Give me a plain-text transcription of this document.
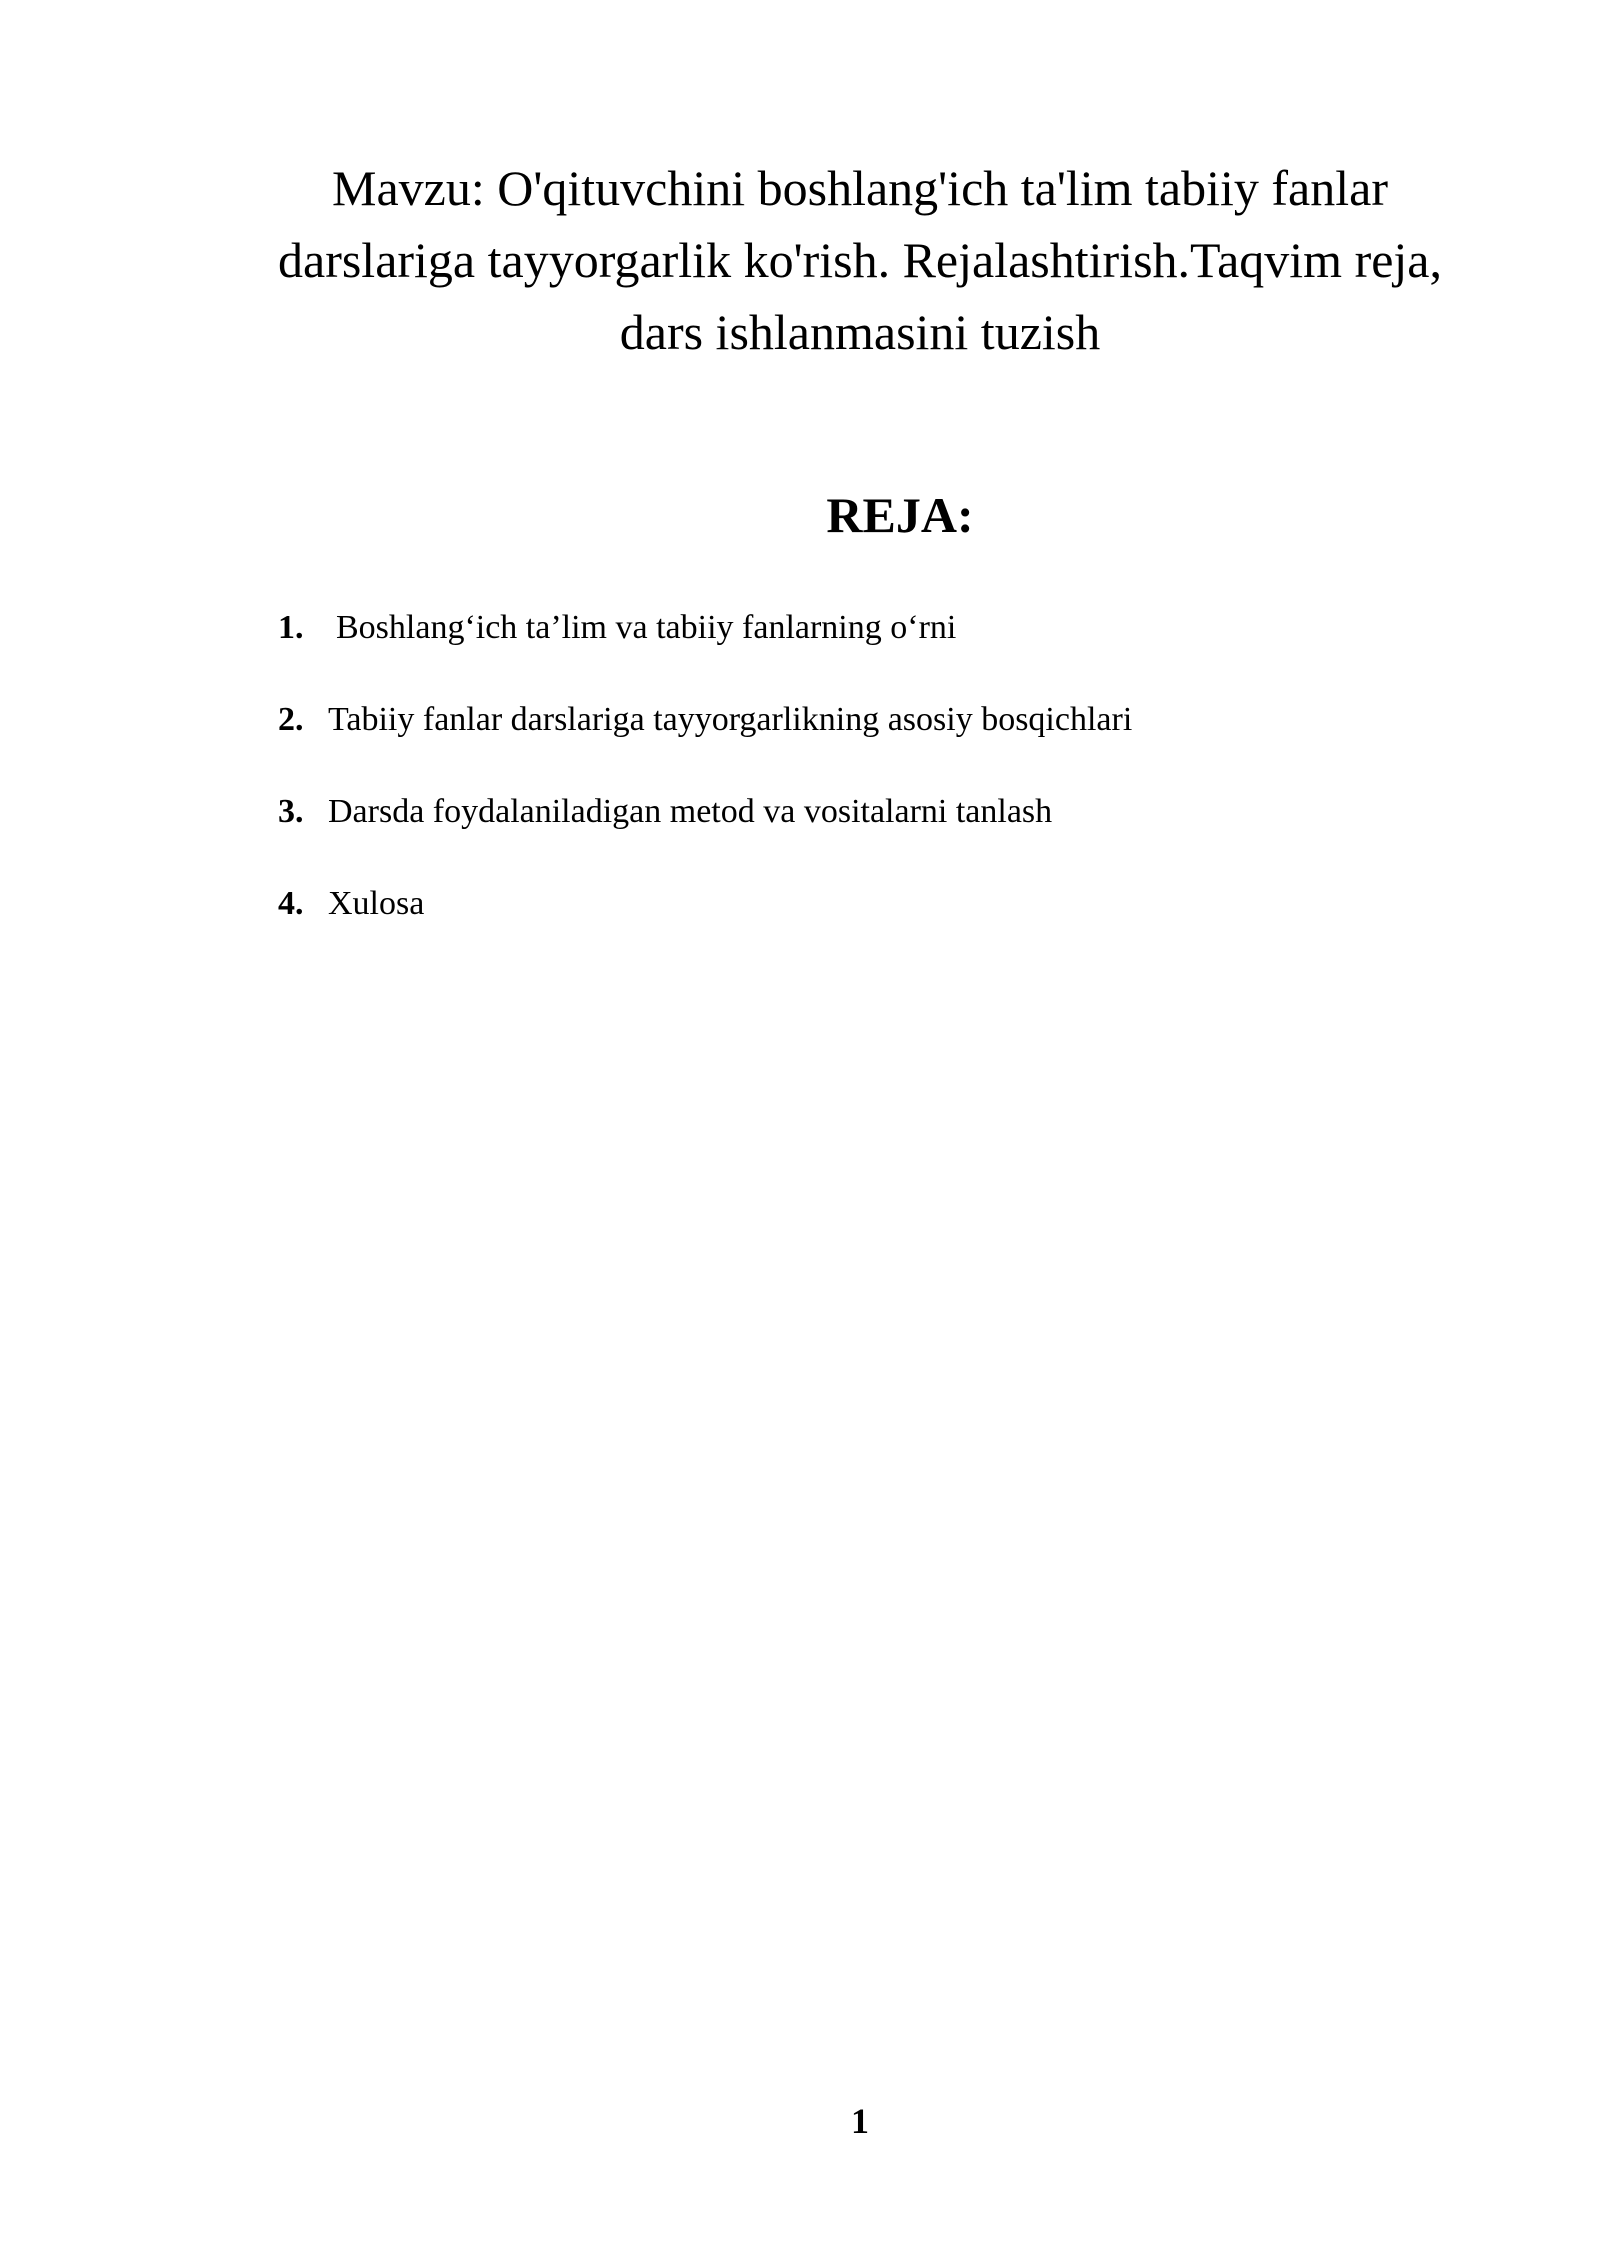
Mavzu: O'qituvchini boshlang'ich ta'lim tabiiy fanlar
darslariga tayyorgarlik ko'rish. Rejalashtirish.Taqvim reja,
dars ishlanmasini tuzish
REJA:
1. Boshlang‘ich ta’lim va tabiiy fanlarning o‘rni
2. Tabiiy fanlar darslariga tayyorgarlikning asosiy bosqichlari
3. Darsda foydalaniladigan metod va vositalarni tanlash
4. Xulosa
1
